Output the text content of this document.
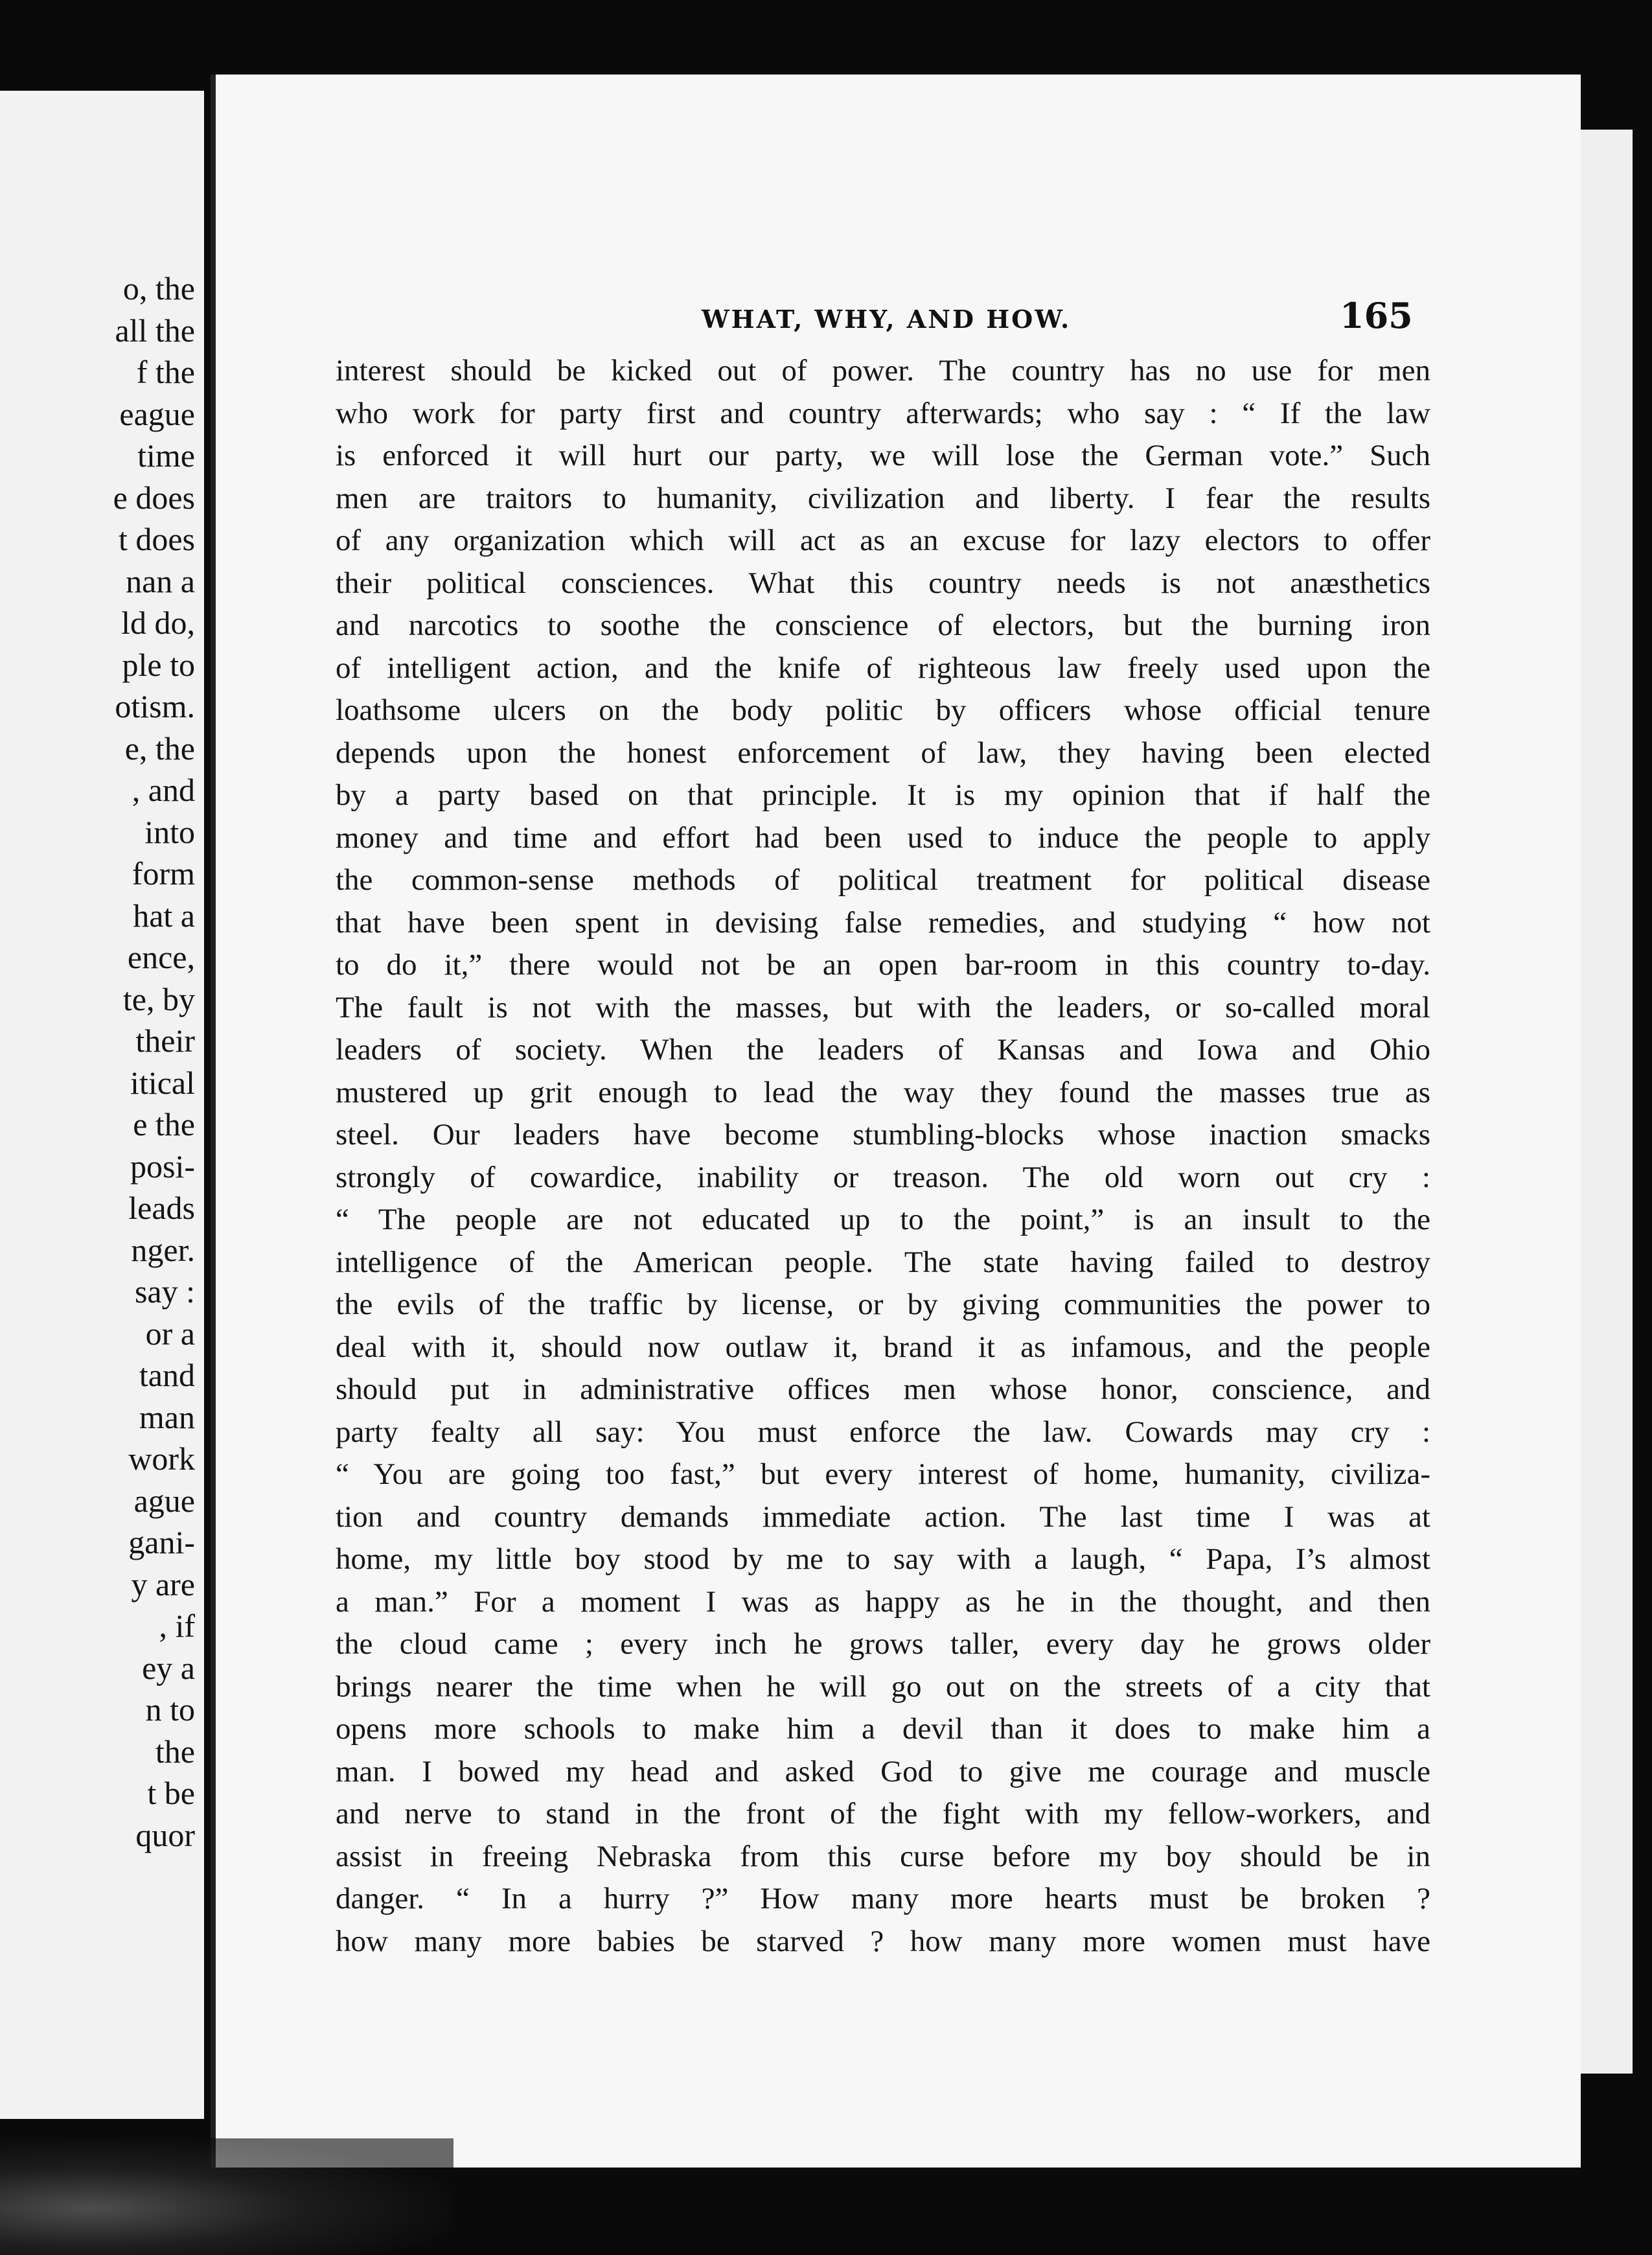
o, the
all the
f the
eague
time
e does
t does
nan a
ld do,
ple to
otism.
e, the
, and
into
form
hat a
ence,
te, by
their
itical
e the
posi-
leads
nger.
say :
or a
tand
man
work
ague
gani-
y are
, if
ey a
n to
the
t be
quor
WHAT, WHY, AND HOW.	165
interest should be kicked out of power. The country has no use for men
who work for party first and country afterwards; who say : “ If the law
is enforced it will hurt our party, we will lose the German vote.” Such
men are traitors to humanity, civilization and liberty. I fear the results
of any organization which will act as an excuse for lazy electors to offer
their political consciences. What this country needs is not anæsthetics
and narcotics to soothe the conscience of electors, but the burning iron
of intelligent action, and the knife of righteous law freely used upon the
loathsome ulcers on the body politic by officers whose official tenure
depends upon the honest enforcement of law, they having been elected
by a party based on that principle. It is my opinion that if half the
money and time and effort had been used to induce the people to apply
the common-sense methods of political treatment for political disease
that have been spent in devising false remedies, and studying “ how not
to do it,” there would not be an open bar-room in this country to-day.
The fault is not with the masses, but with the leaders, or so-called moral
leaders of society. When the leaders of Kansas and Iowa and Ohio
mustered up grit enough to lead the way they found the masses true as
steel. Our leaders have become stumbling-blocks whose inaction smacks
strongly of cowardice, inability or treason. The old worn out cry :
“ The people are not educated up to the point,” is an insult to the
intelligence of the American people. The state having failed to destroy
the evils of the traffic by license, or by giving communities the power to
deal with it, should now outlaw it, brand it as infamous, and the people
should put in administrative offices men whose honor, conscience, and
party fealty all say: You must enforce the law. Cowards may cry :
“ You are going too fast,” but every interest of home, humanity, civiliza-
tion and country demands immediate action. The last time I was at
home, my little boy stood by me to say with a laugh, “ Papa, I’s almost
a man.” For a moment I was as happy as he in the thought, and then
the cloud came ; every inch he grows taller, every day he grows older
brings nearer the time when he will go out on the streets of a city that
opens more schools to make him a devil than it does to make him a
man. I bowed my head and asked God to give me courage and muscle
and nerve to stand in the front of the fight with my fellow-workers, and
assist in freeing Nebraska from this curse before my boy should be in
danger. “ In a hurry ?” How many more hearts must be broken ?
how many more babies be starved ? how many more women must have
